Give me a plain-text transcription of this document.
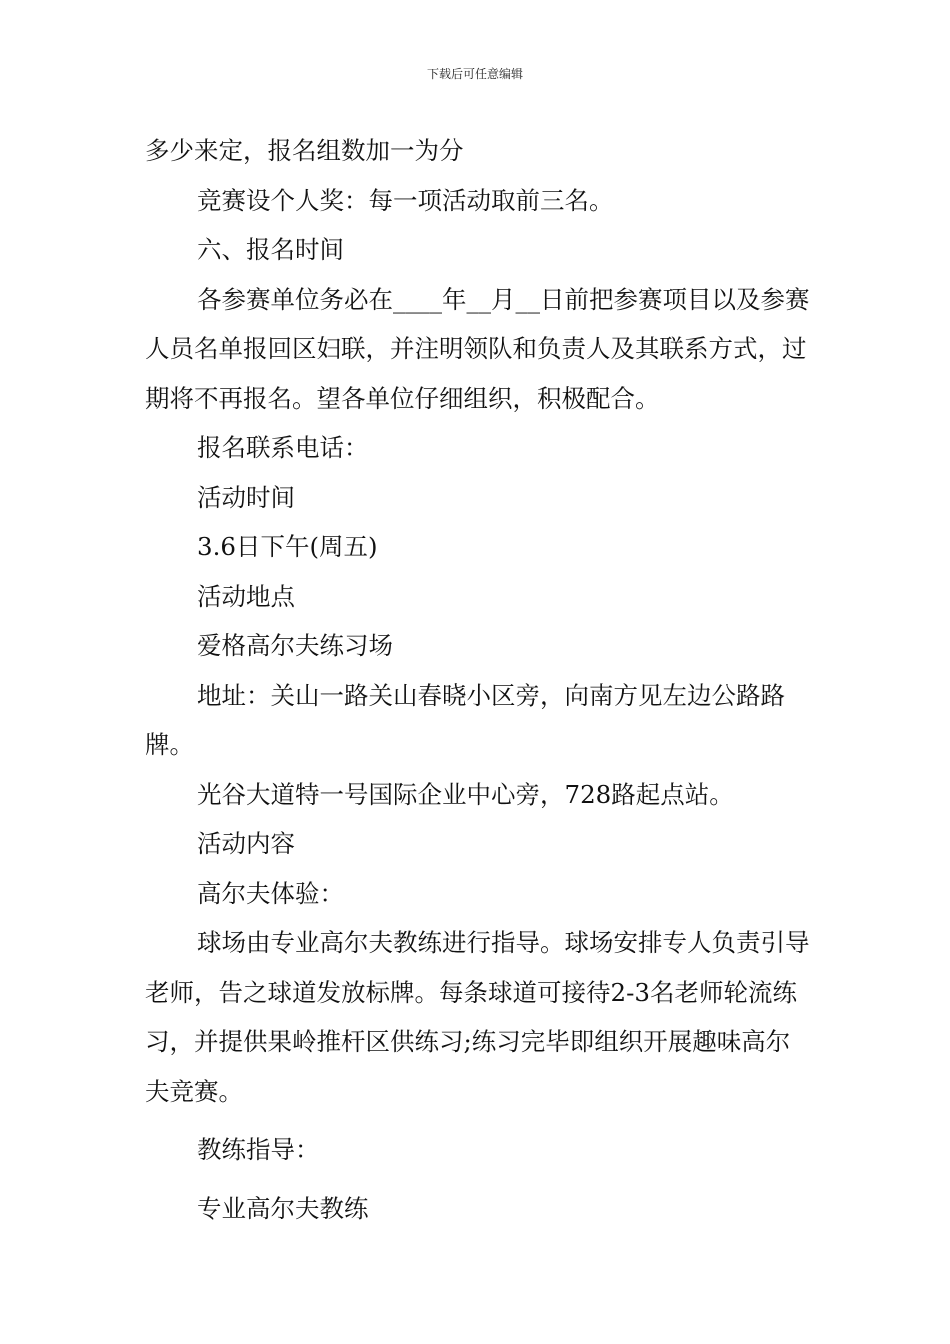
下载后可任意编辑

多少来定，报名组数加一为分

竞赛设个人奖：每一项活动取前三名。

六、报名时间

各参赛单位务必在____年__月__日前把参赛项目以及参赛人员名单报回区妇联，并注明领队和负责人及其联系方式，过期将不再报名。望各单位仔细组织，积极配合。

报名联系电话：

活动时间

3.6日下午(周五)

活动地点

爱格高尔夫练习场

地址：关山一路关山春晓小区旁，向南方见左边公路路牌。

光谷大道特一号国际企业中心旁，728路起点站。

活动内容

高尔夫体验：

球场由专业高尔夫教练进行指导。球场安排专人负责引导老师，告之球道发放标牌。每条球道可接待2-3名老师轮流练习，并提供果岭推杆区供练习;练习完毕即组织开展趣味高尔夫竞赛。

教练指导：

专业高尔夫教练
